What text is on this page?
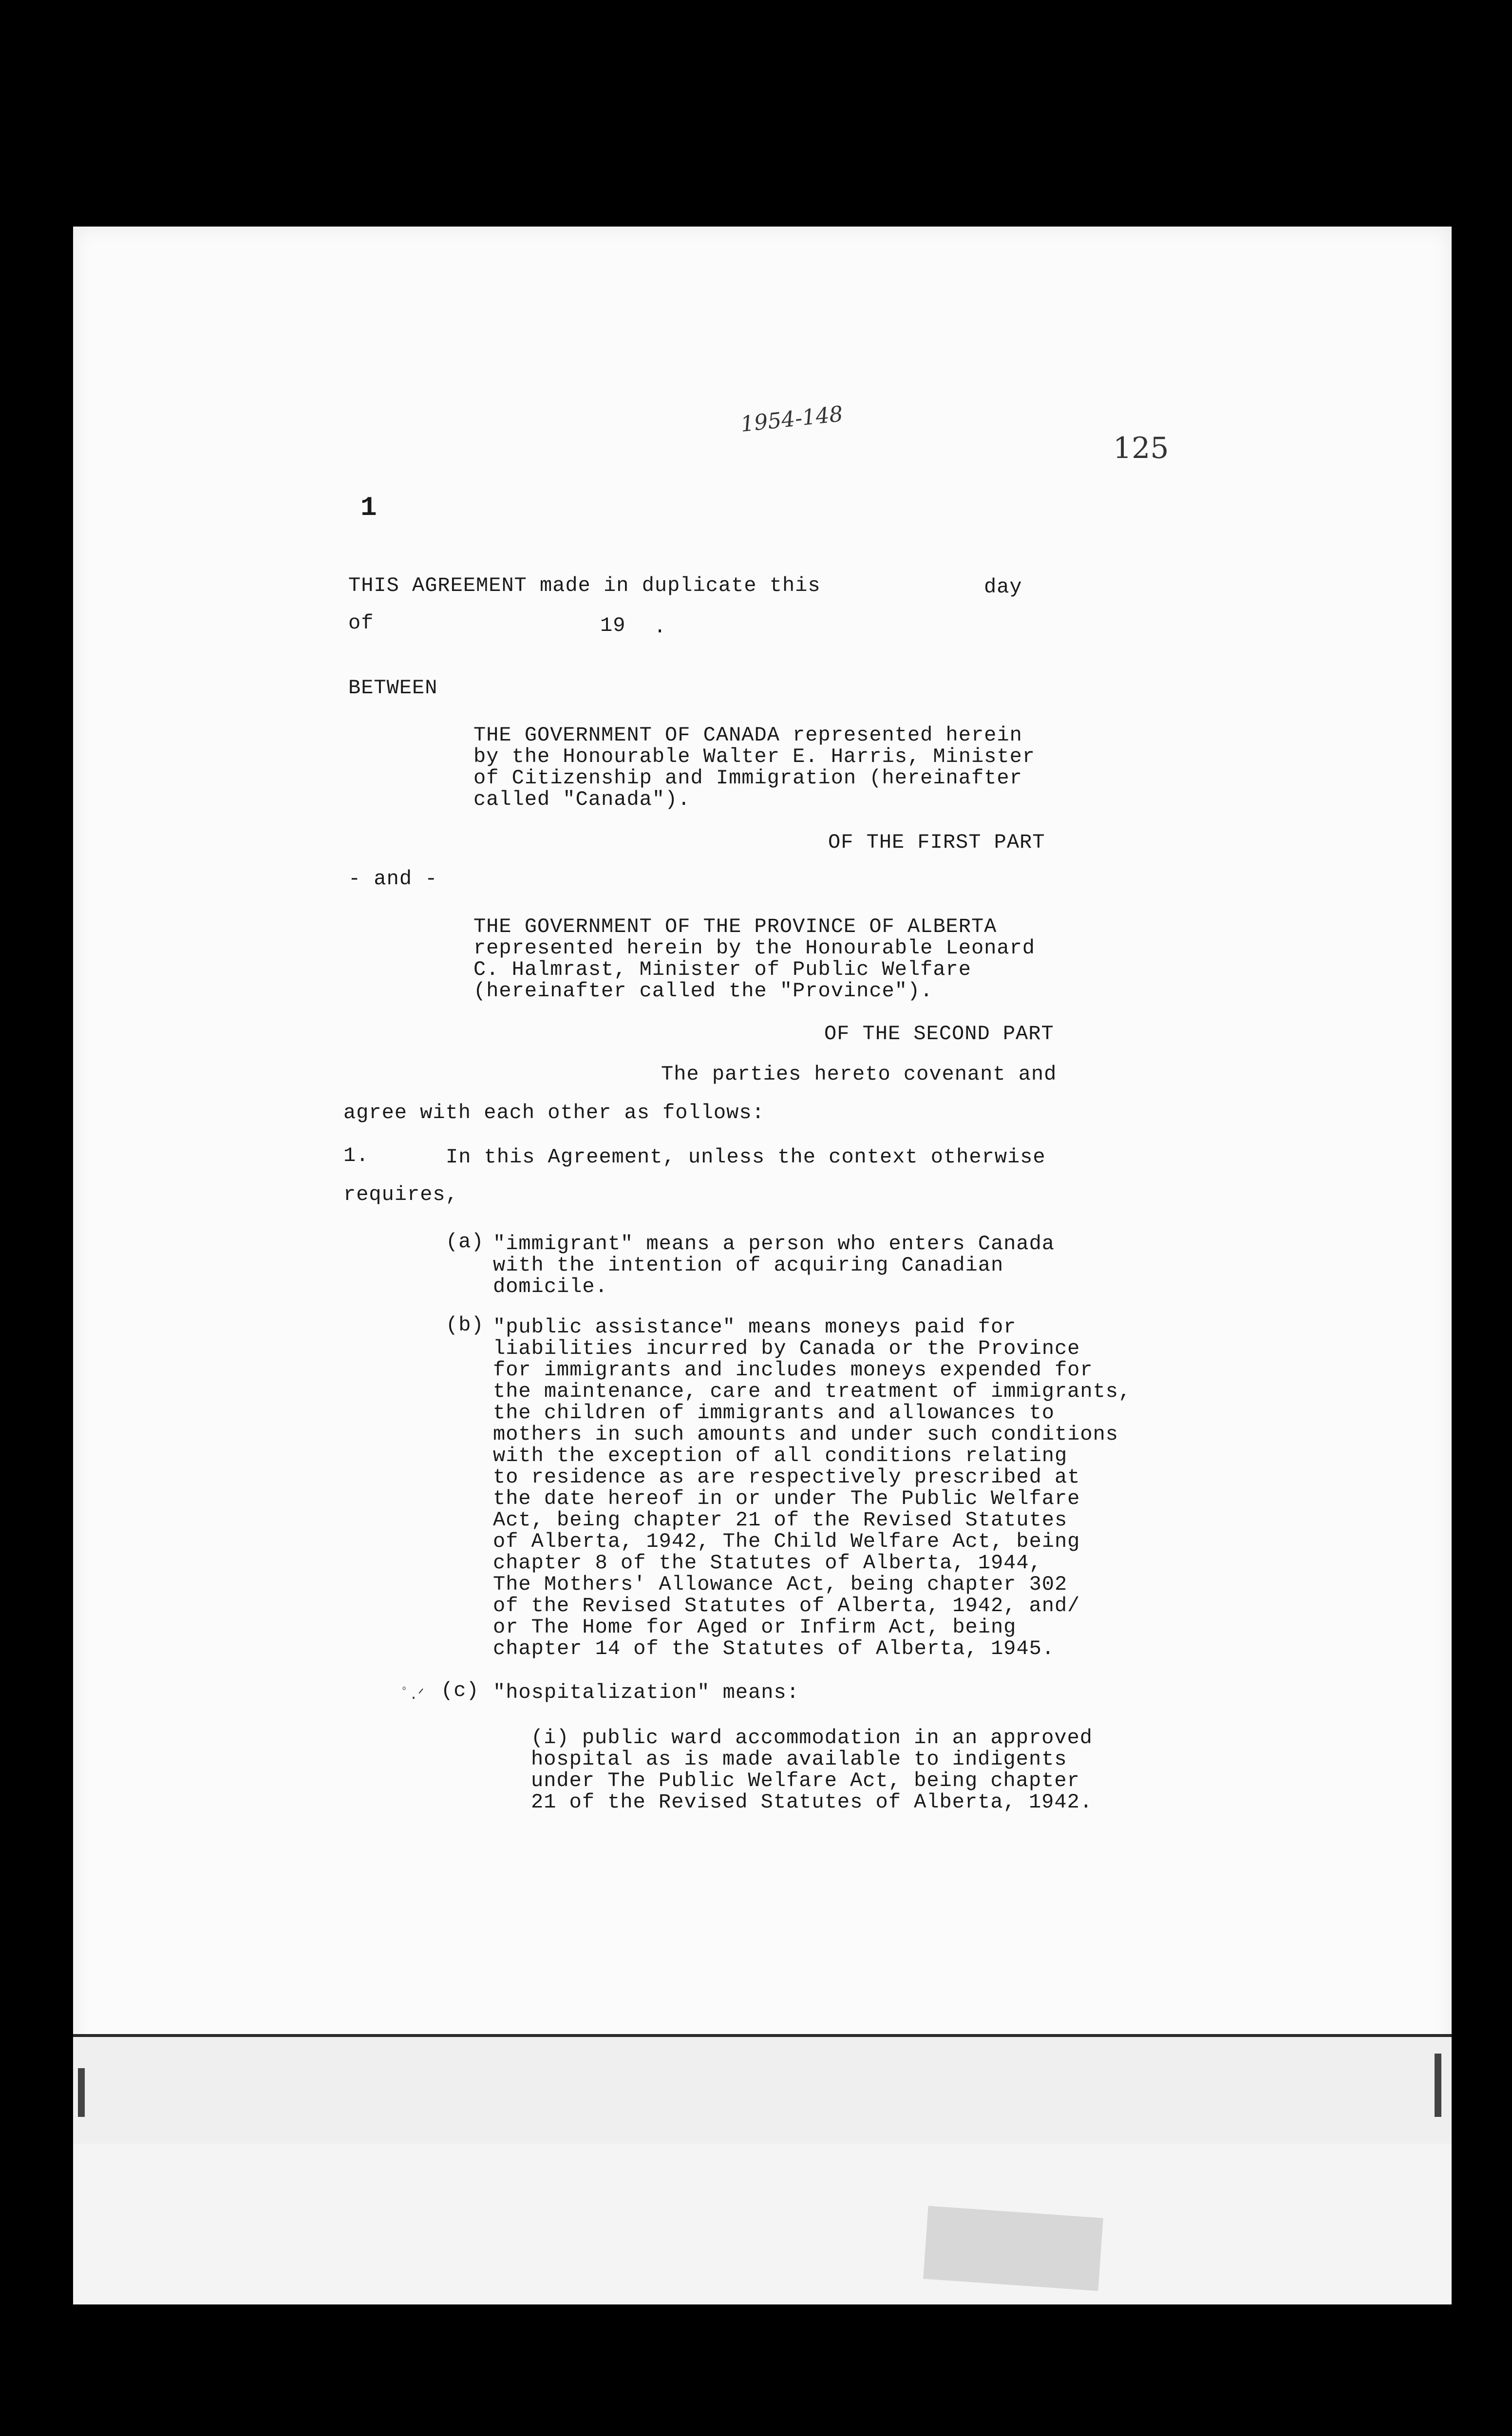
1954-148
125
1
THIS AGREEMENT made in duplicate this	day
of	19 .
BETWEEN
THE GOVERNMENT OF CANADA represented herein
by the Honourable Walter E. Harris, Minister
of Citizenship and Immigration (hereinafter
called "Canada").
OF THE FIRST PART
- and -
THE GOVERNMENT OF THE PROVINCE OF ALBERTA
represented herein by the Honourable Leonard
C. Halmrast, Minister of Public Welfare
(hereinafter called the "Province").
OF THE SECOND PART
The parties hereto covenant and
agree with each other as follows:
1.	In this Agreement, unless the context otherwise
requires,
(a) "immigrant" means a person who enters Canada
with the intention of acquiring Canadian
domicile.
(b) "public assistance" means moneys paid for
liabilities incurred by Canada or the Province
for immigrants and includes moneys expended for
the maintenance, care and treatment of immigrants,
the children of immigrants and allowances to
mothers in such amounts and under such conditions
with the exception of all conditions relating
to residence as are respectively prescribed at
the date hereof in or under The Public Welfare
Act, being chapter 21 of the Revised Statutes
of Alberta, 1942, The Child Welfare Act, being
chapter 8 of the Statutes of Alberta, 1944,
The Mothers' Allowance Act, being chapter 302
of the Revised Statutes of Alberta, 1942, and/
or The Home for Aged or Infirm Act, being
chapter 14 of the Statutes of Alberta, 1945.
ﾟ.ᐟ (c) "hospitalization" means:
(i) public ward accommodation in an approved
hospital as is made available to indigents
under The Public Welfare Act, being chapter
21 of the Revised Statutes of Alberta, 1942.
